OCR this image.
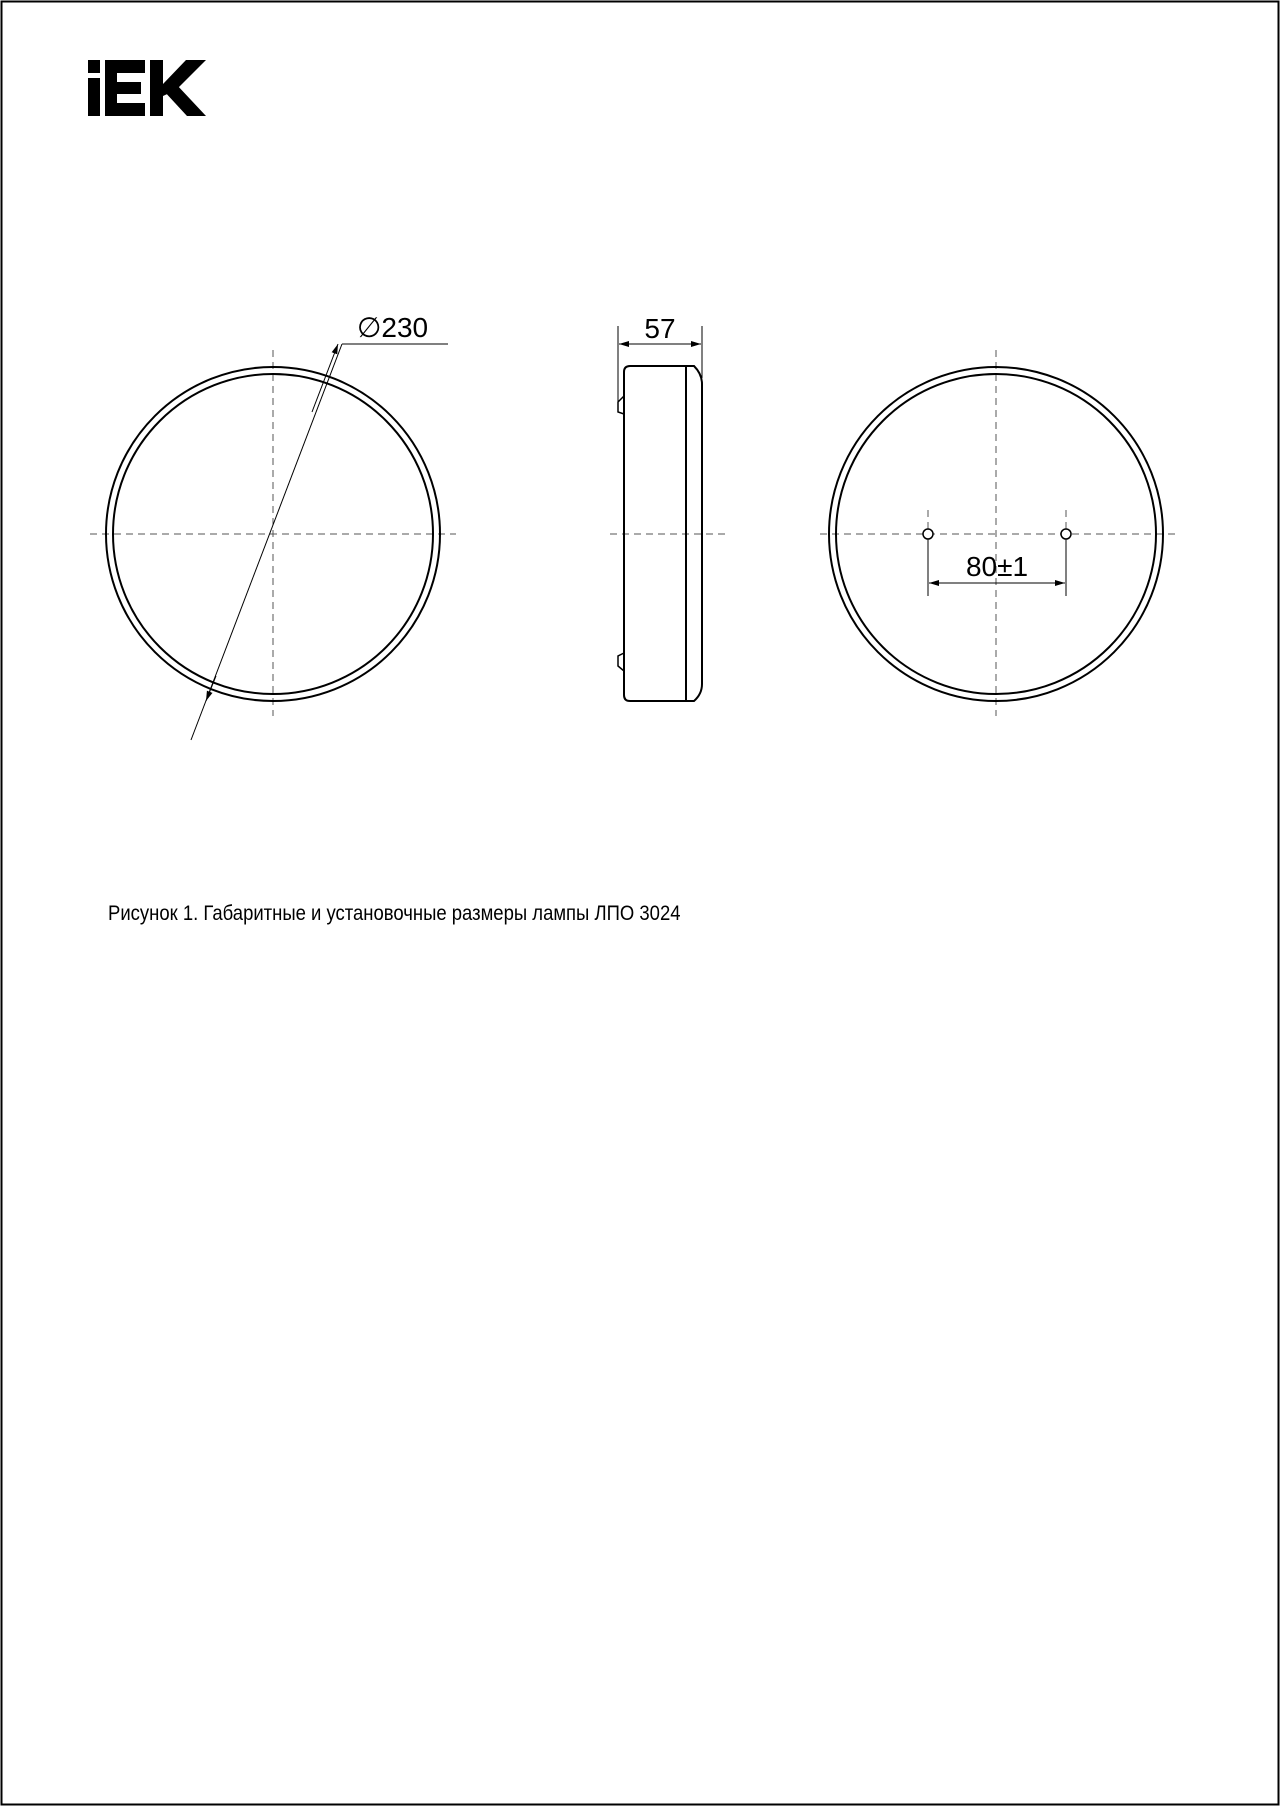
∅230	57
80±1
Рисунок 1. Габаритные и установочные размеры лампы ЛПО 3024
